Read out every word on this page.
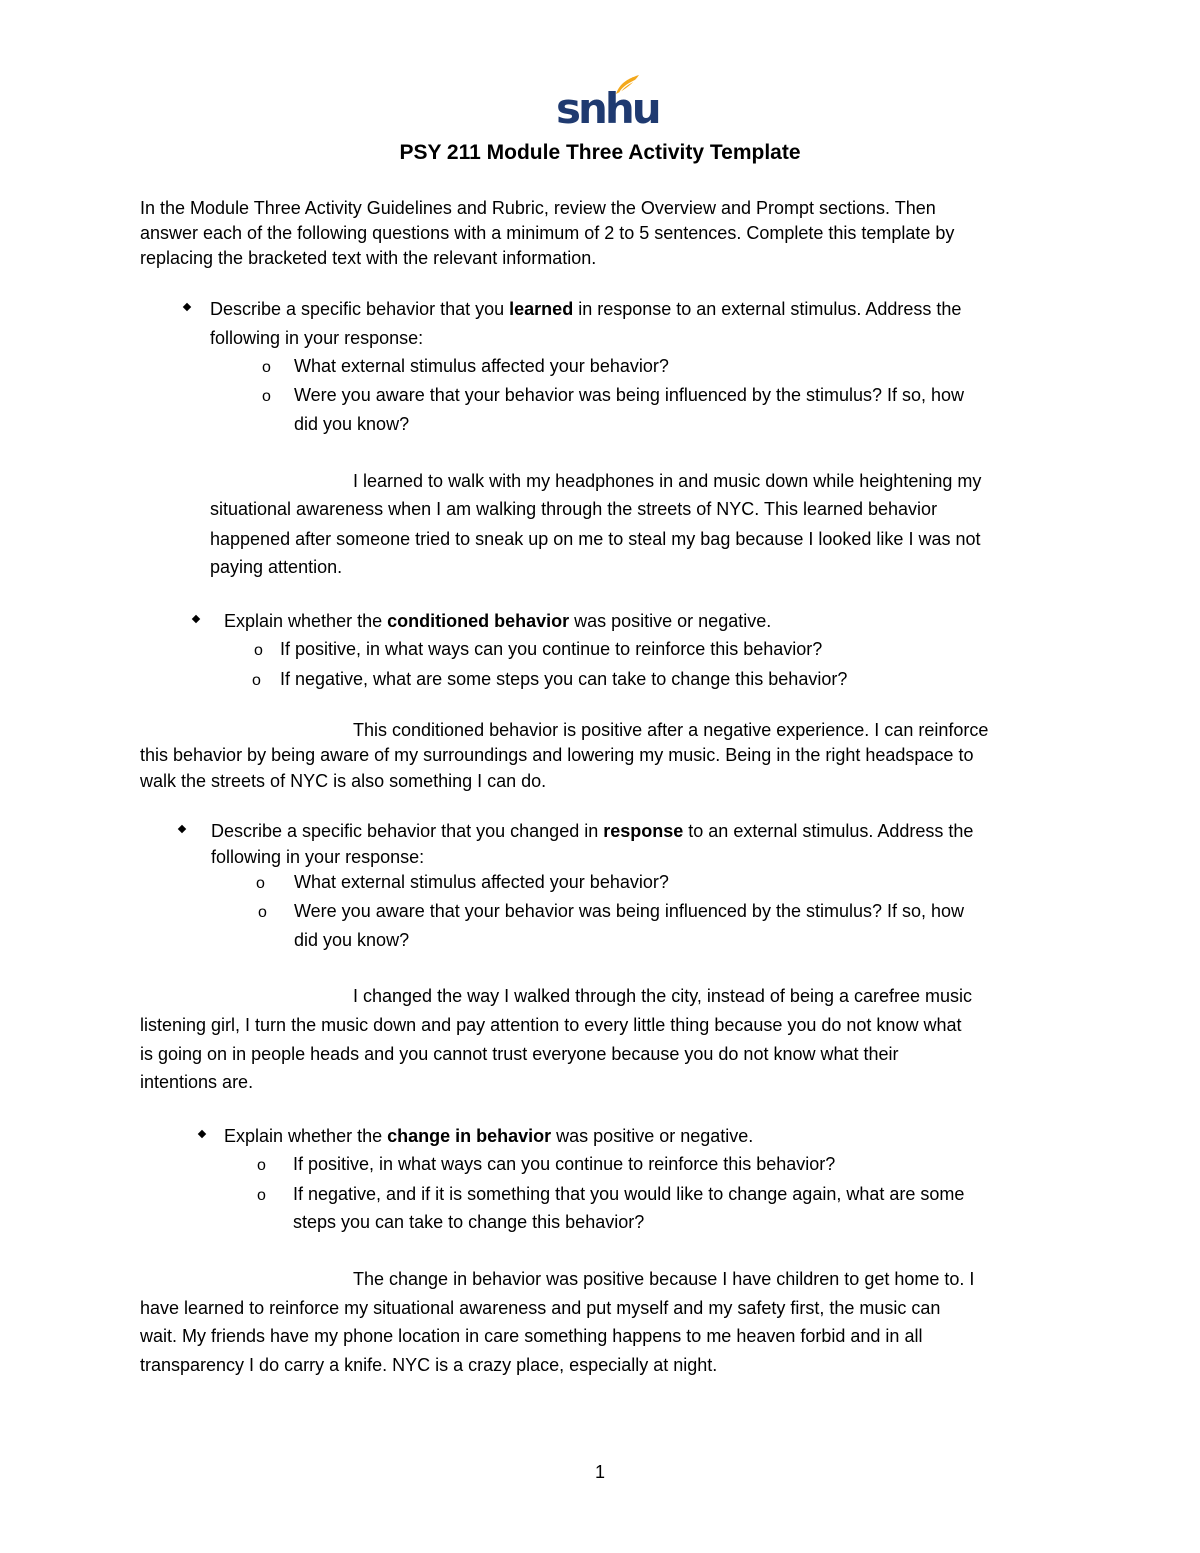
snhu
PSY 211 Module Three Activity Template
In the Module Three Activity Guidelines and Rubric, review the Overview and Prompt sections. Then
answer each of the following questions with a minimum of 2 to 5 sentences. Complete this template by
replacing the bracketed text with the relevant information.
Describe a specific behavior that you learned in response to an external stimulus. Address the
following in your response:
o What external stimulus affected your behavior?
o Were you aware that your behavior was being influenced by the stimulus? If so, how
did you know?
I learned to walk with my headphones in and music down while heightening my
situational awareness when I am walking through the streets of NYC. This learned behavior
happened after someone tried to sneak up on me to steal my bag because I looked like I was not
paying attention.
Explain whether the conditioned behavior was positive or negative.
o If positive, in what ways can you continue to reinforce this behavior?
o If negative, what are some steps you can take to change this behavior?
This conditioned behavior is positive after a negative experience. I can reinforce
this behavior by being aware of my surroundings and lowering my music. Being in the right headspace to
walk the streets of NYC is also something I can do.
Describe a specific behavior that you changed in response to an external stimulus. Address the
following in your response:
o What external stimulus affected your behavior?
o Were you aware that your behavior was being influenced by the stimulus? If so, how
did you know?
I changed the way I walked through the city, instead of being a carefree music
listening girl, I turn the music down and pay attention to every little thing because you do not know what
is going on in people heads and you cannot trust everyone because you do not know what their
intentions are.
Explain whether the change in behavior was positive or negative.
o If positive, in what ways can you continue to reinforce this behavior?
o If negative, and if it is something that you would like to change again, what are some
steps you can take to change this behavior?
The change in behavior was positive because I have children to get home to. I
have learned to reinforce my situational awareness and put myself and my safety first, the music can
wait. My friends have my phone location in care something happens to me heaven forbid and in all
transparency I do carry a knife. NYC is a crazy place, especially at night.
1
